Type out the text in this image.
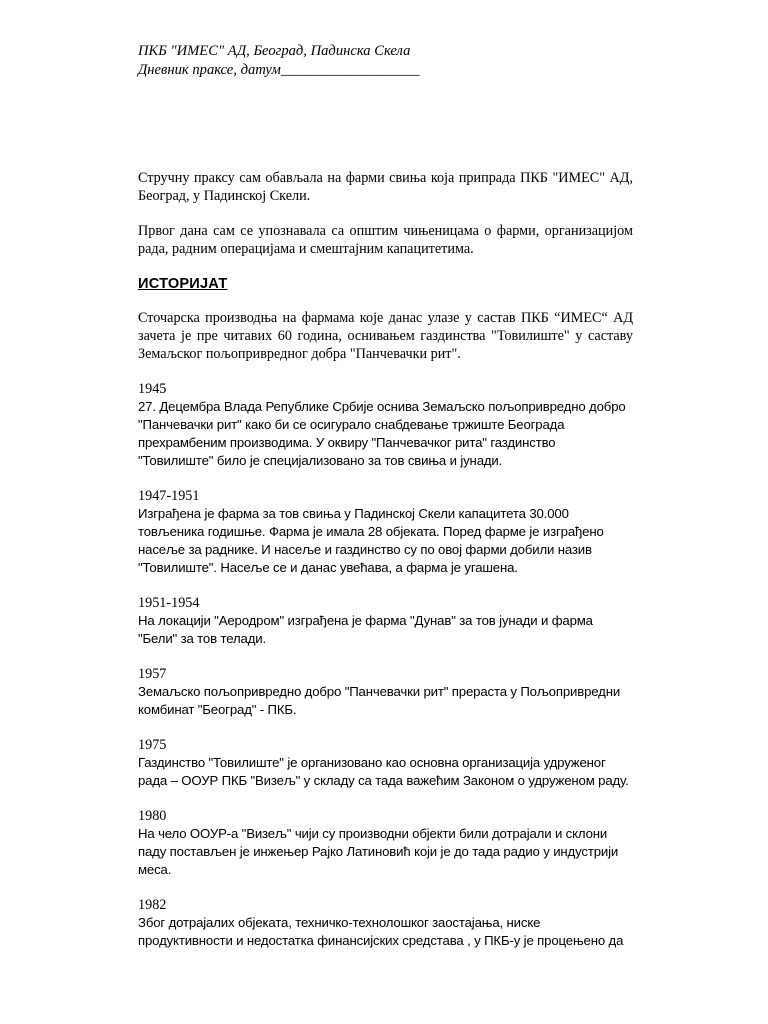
ПКБ "ИМЕС" АД, Београд, Падинска Скела
Дневник праксе, датум___________________

Стручну праксу сам обављала на фарми свиња која припрада ПКБ "ИМЕС" АД, Београд, у Падинској Скели.

Првог дана сам се упознавала са општим чињеницама о фарми, организацијом рада, радним операцијама и смештајним капацитетима.

ИСТОРИЈАТ

Сточарска производња на фармама које данас улазе у састав ПКБ “ИМЕС“ АД зачета је пре читавих 60 година, оснивањем газдинства "Товилиште" у саставу Земаљског пољопривредног добра "Панчевачки рит".

1945
27. Децембра Влада Републике Србије оснива Земаљско пољопривредно добро "Панчевачки рит" како би се осигурало снабдевање тржиште Београда прехрамбеним производима. У оквиру "Панчевачког рита" газдинство "Товилиште" било је специјализовано за тов свиња и јунади.
1947-1951
Изграђена је фарма за тов свиња у Падинској Скели капацитета 30.000 товљеника годишње. Фарма је имала 28 објеката. Поред фарме је изграђено насеље за раднике. И насеље и газдинство су по овој фарми добили назив "Товилиште". Насеље се и данас увећава, а фарма је угашена.
1951-1954
На локацији "Аеродром" изграђена је фарма "Дунав" за тов јунади и фарма "Бели" за тов телади.
1957
Земаљско пољопривредно добро "Панчевачки рит" прераста у Пољопривредни комбинат "Београд" - ПКБ.
1975
Газдинство "Товилиште" је организовано као основна организација удруженог рада – ООУР ПКБ "Визељ" у складу са тада важећим Законом о удруженом раду.
1980
На чело ООУР-а "Визељ" чији су производни објекти били дотрајали и склони паду постављен је инжењер Рајко Латиновић који је до тада радио у индустрији меса.
1982
Због дотрајалих објеката, техничко-технолошког заостајања, ниске продуктивности и недостатка финансијских средстава , у ПКБ-у је процењено да
